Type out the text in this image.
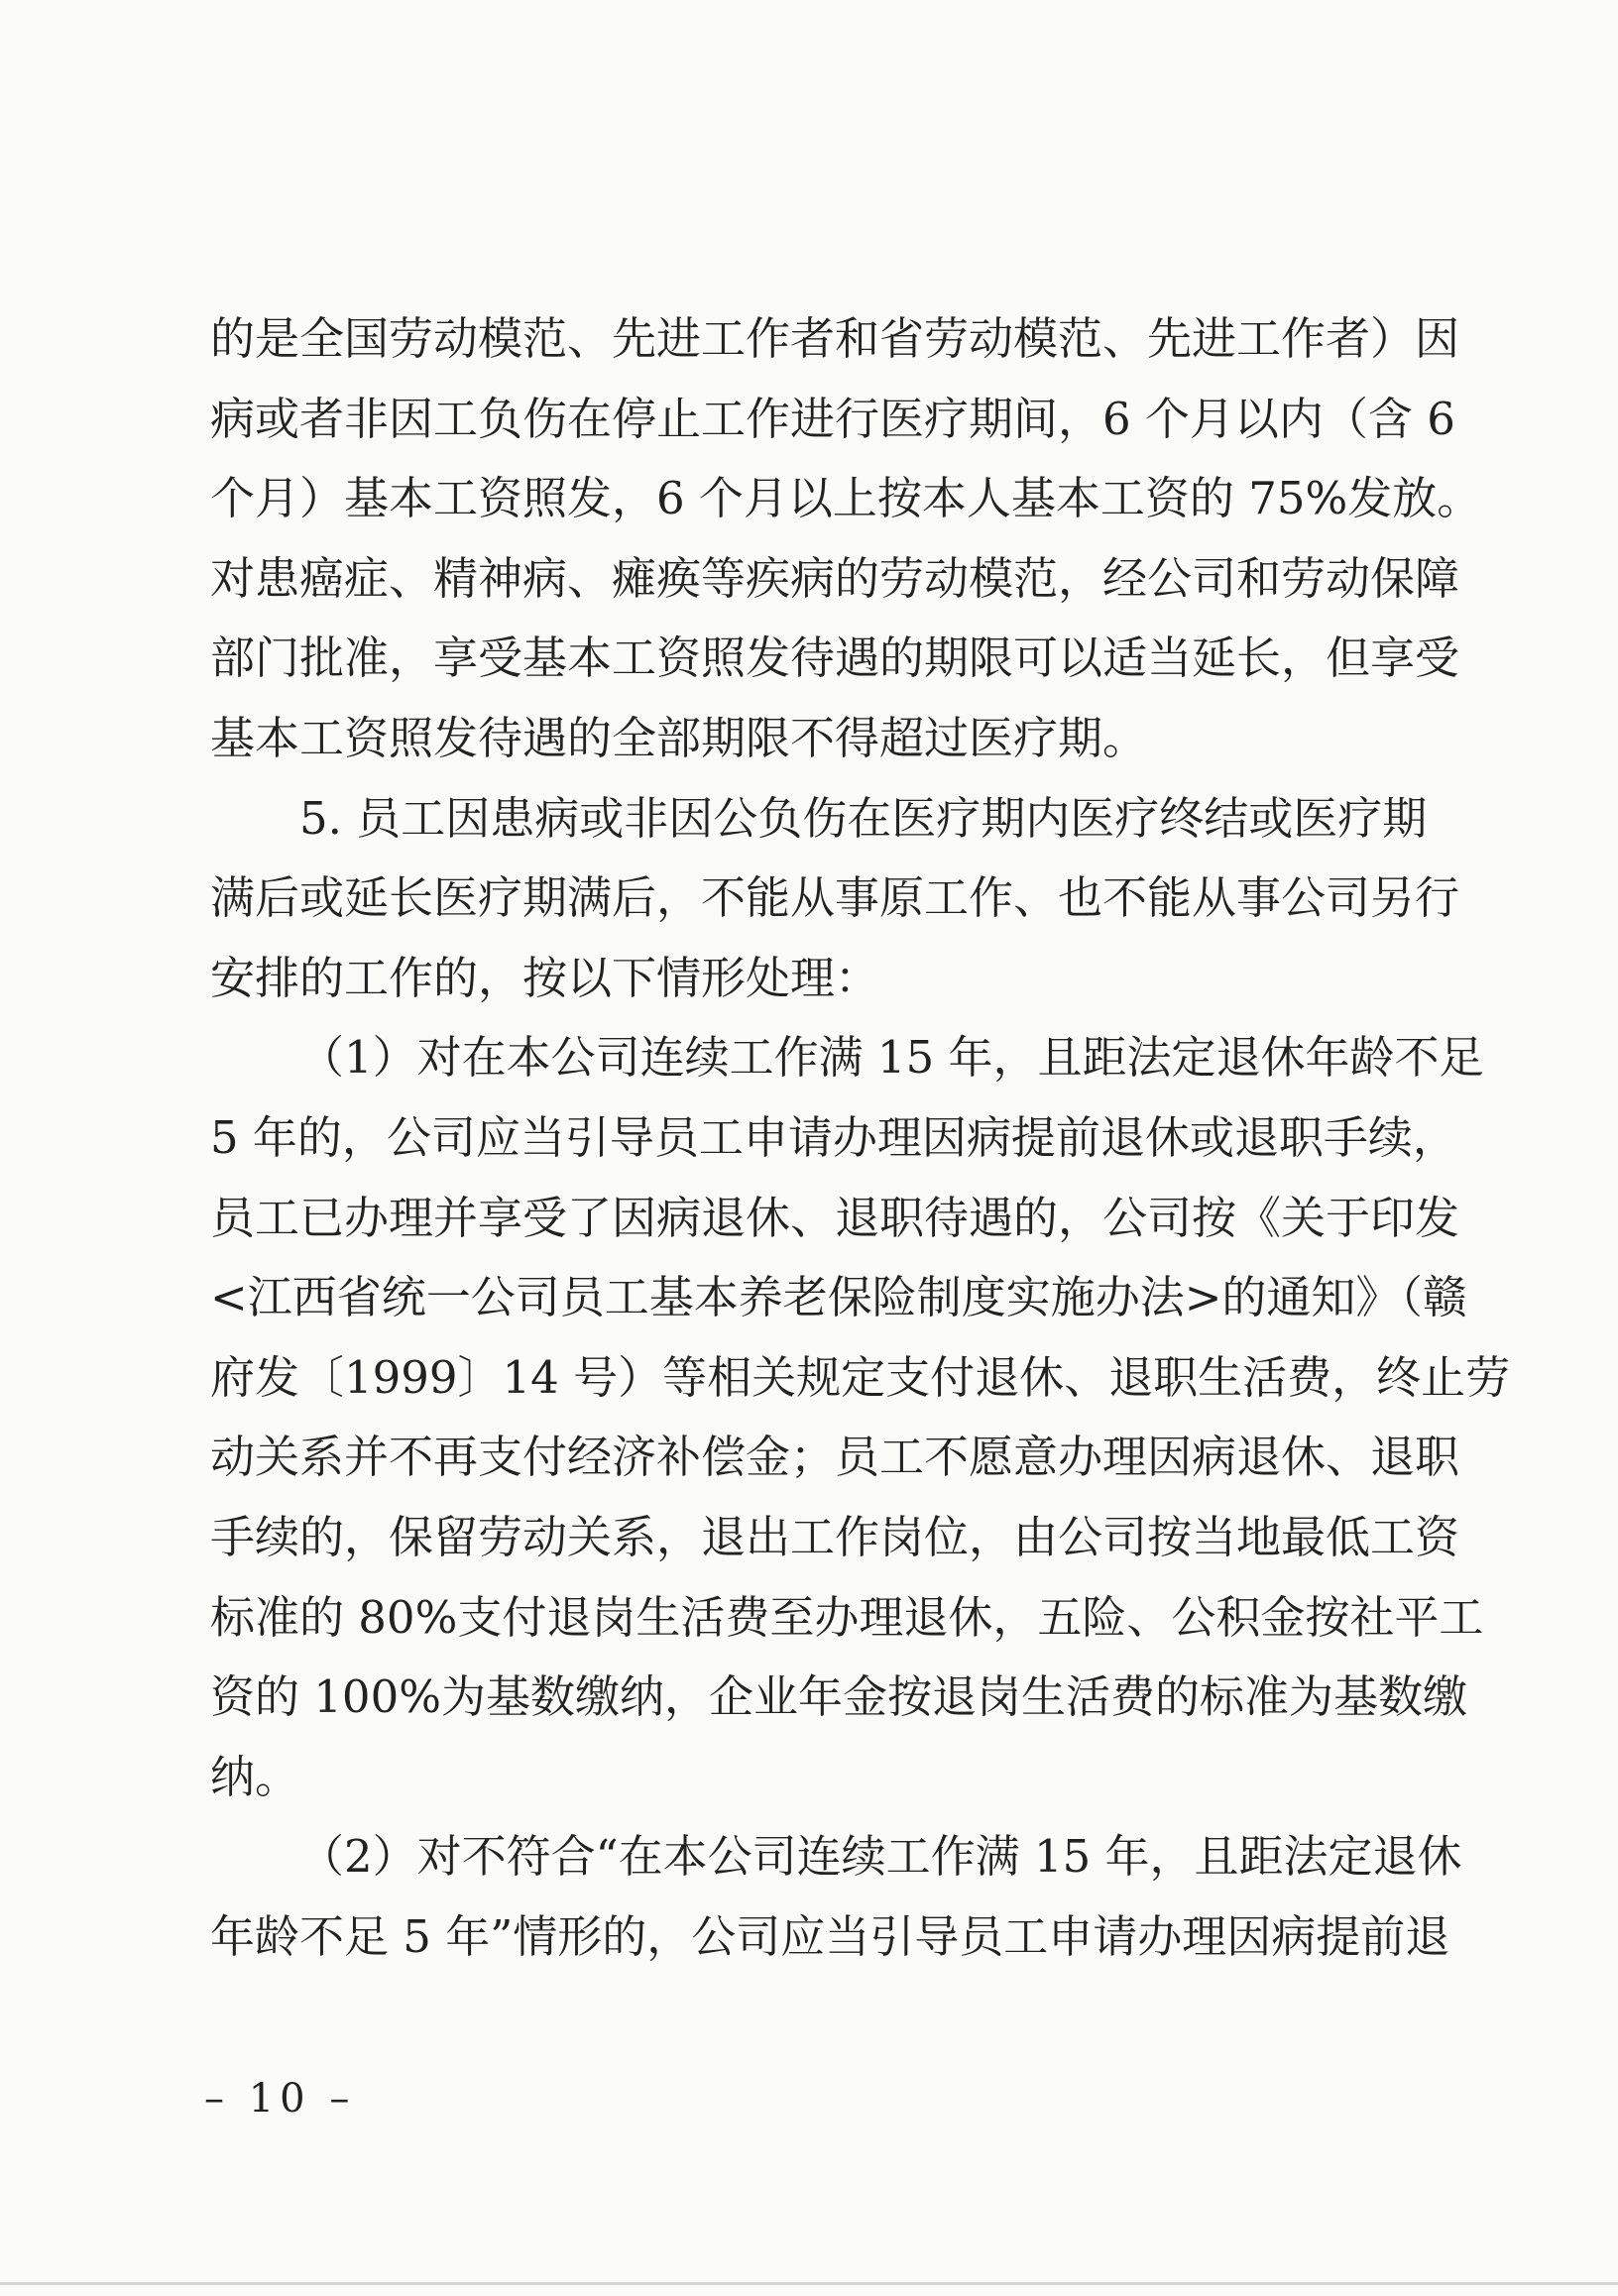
的是全国劳动模范、先进工作者和省劳动模范、先进工作者）因
病或者非因工负伤在停止工作进行医疗期间，6 个月以内（含 6
个月）基本工资照发，6 个月以上按本人基本工资的 75%发放。
对患癌症、精神病、瘫痪等疾病的劳动模范，经公司和劳动保障
部门批准，享受基本工资照发待遇的期限可以适当延长，但享受
基本工资照发待遇的全部期限不得超过医疗期。
5. 员工因患病或非因公负伤在医疗期内医疗终结或医疗期
满后或延长医疗期满后，不能从事原工作、也不能从事公司另行
安排的工作的，按以下情形处理：
（1）对在本公司连续工作满 15 年，且距法定退休年龄不足
5 年的，公司应当引导员工申请办理因病提前退休或退职手续，
员工已办理并享受了因病退休、退职待遇的，公司按《关于印发
<江西省统一公司员工基本养老保险制度实施办法>的通知》（赣
府发〔1999〕14 号）等相关规定支付退休、退职生活费，终止劳
动关系并不再支付经济补偿金；员工不愿意办理因病退休、退职
手续的，保留劳动关系，退出工作岗位，由公司按当地最低工资
标准的 80%支付退岗生活费至办理退休，五险、公积金按社平工
资的 100%为基数缴纳，企业年金按退岗生活费的标准为基数缴
纳。
（2）对不符合“在本公司连续工作满 15 年，且距法定退休
年龄不足 5 年”情形的，公司应当引导员工申请办理因病提前退
– 10 –
